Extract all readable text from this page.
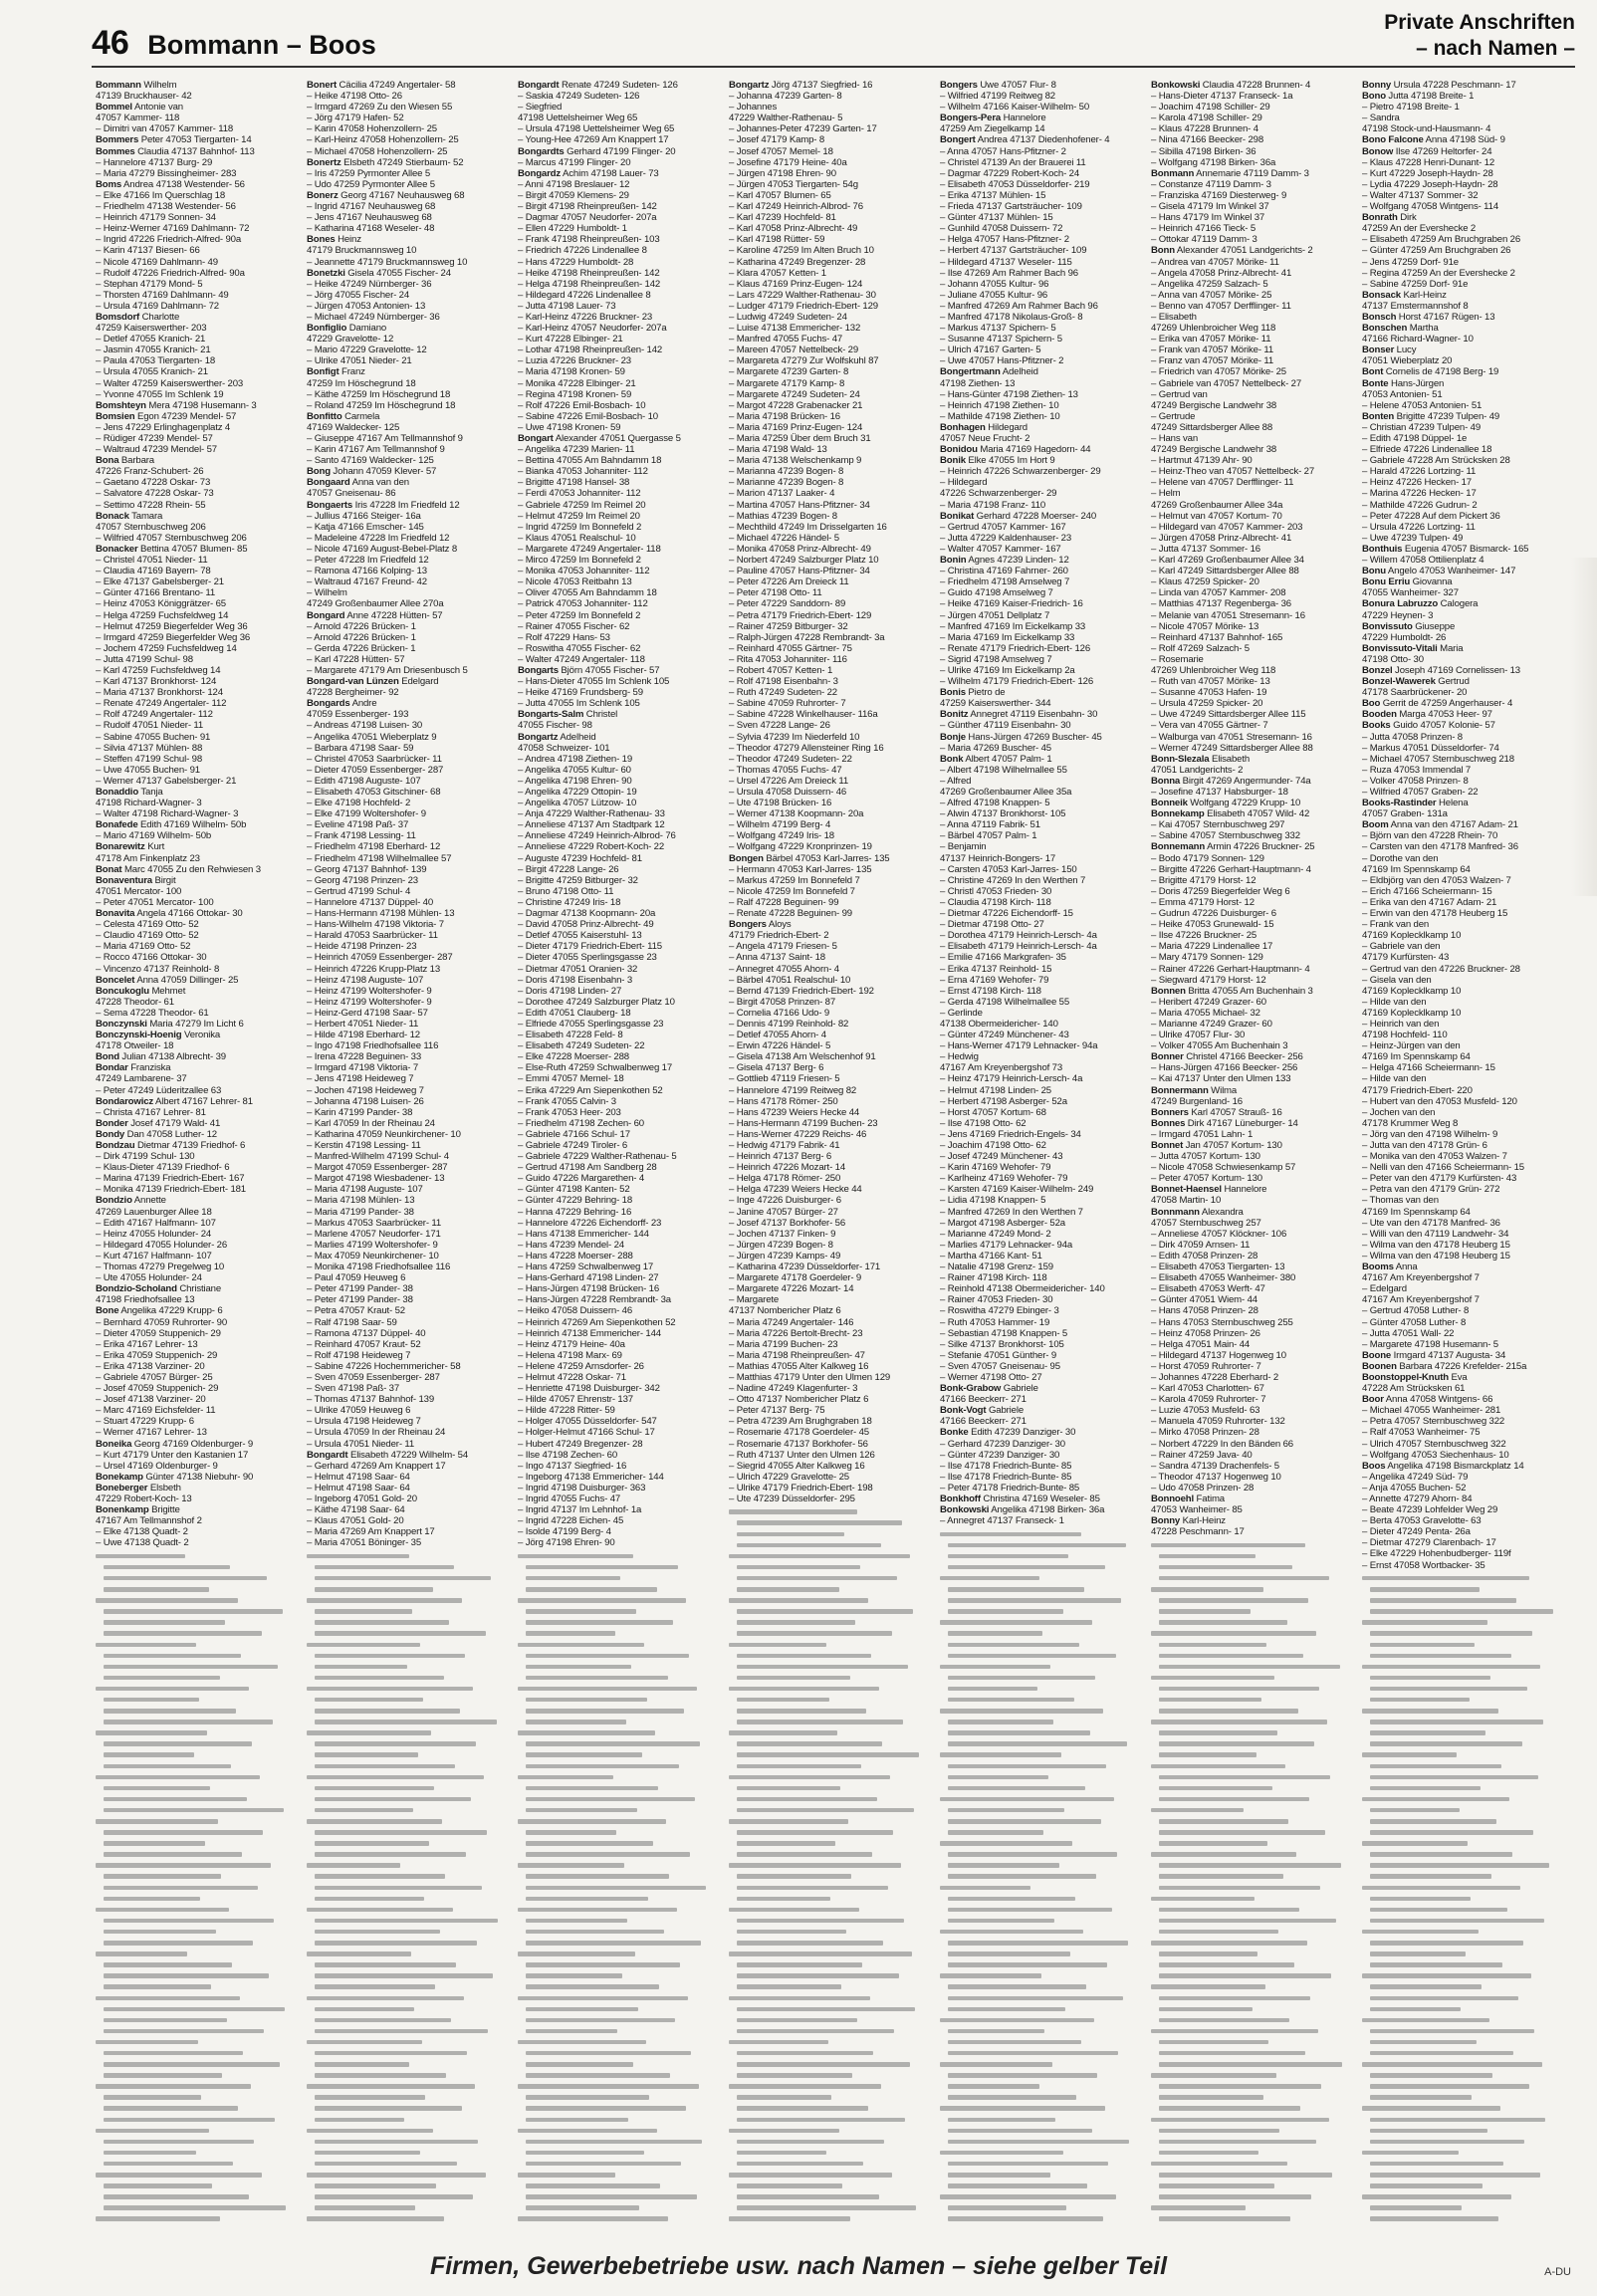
46 Bommann – Boos
Private Anschriften
– nach Namen –
Bommann Wilhelm
47139 Bruckhauser- 42
Bommel Antonie van
47057 Kammer- 118
– Dimitri van 47057 Kammer- 118
Bommers Peter 47053 Tiergarten- 14
Bommes Claudia 47137 Bahnhof- 113
– Hannelore 47137 Burg- 29
– Maria 47279 Bissingheimer- 283
Boms Andrea 47138 Westender- 56
– Elke 47166 Im Querschlag 18
– Friedhelm 47138 Westender- 56
– Heinrich 47179 Sonnen- 34
– Heinz-Werner 47169 Dahlmann- 72
– Ingrid 47226 Friedrich-Alfred- 90a
– Karin 47137 Biesen- 66
– Nicole 47169 Dahlmann- 49
– Rudolf 47226 Friedrich-Alfred- 90a
– Stephan 47179 Mond- 5
– Thorsten 47169 Dahlmann- 49
– Ursula 47169 Dahlmann- 72
Bomsdorf Charlotte
47259 Kaiserswerther- 203
– Detlef 47055 Kranich- 21
– Jasmin 47055 Kranich- 21
– Paula 47053 Tiergarten- 18
– Ursula 47055 Kranich- 21
– Walter 47259 Kaiserswerther- 203
– Yvonne 47055 Im Schlenk 19
Bomshteyn Mera 47198 Husemann- 3
Bomsien Egon 47239 Mendel- 57
– Jens 47229 Erlinghagenplatz 4
– Rüdiger 47239 Mendel- 57
– Waltraud 47239 Mendel- 57
Bona Barbara
47226 Franz-Schubert- 26
– Gaetano 47228 Oskar- 73
– Salvatore 47228 Oskar- 73
– Settimo 47228 Rhein- 55
Bonack Tamara
47057 Sternbuschweg 206
– Wilfried 47057 Sternbuschweg 206
Bonacker Bettina 47057 Blumen- 85
– Christel 47051 Nieder- 11
– Claudia 47169 Bayern- 78
– Elke 47137 Gabelsberger- 21
– Günter 47166 Brentano- 11
– Heinz 47053 Königgrätzer- 65
– Helga 47259 Fuchsfeldweg 14
– Helmut 47259 Biegerfelder Weg 36
– Irmgard 47259 Biegerfelder Weg 36
– Jochem 47259 Fuchsfeldweg 14
– Jutta 47199 Schul- 98
– Karl 47259 Fuchsfeldweg 14
– Karl 47137 Bronkhorst- 124
– Maria 47137 Bronkhorst- 124
– Renate 47249 Angertaler- 112
– Rolf 47249 Angertaler- 112
– Rudolf 47051 Nieder- 11
– Sabine 47055 Buchen- 91
– Silvia 47137 Mühlen- 88
– Steffen 47199 Schul- 98
– Uwe 47055 Buchen- 91
– Werner 47137 Gabelsberger- 21
Bonaddio Tanja
47198 Richard-Wagner- 3
– Walter 47198 Richard-Wagner- 3
Bonafede Edith 47169 Wilhelm- 50b
– Mario 47169 Wilhelm- 50b
Bonarewitz Kurt
47178 Am Finkenplatz 23
Bonat Marc 47055 Zu den Rehwiesen 3
Bonaventura Birgit
47051 Mercator- 100
– Peter 47051 Mercator- 100
Bonavita Angela 47166 Ottokar- 30
– Celesta 47169 Otto- 52
– Claudio 47169 Otto- 52
– Maria 47169 Otto- 52
– Rocco 47166 Ottokar- 30
– Vincenzo 47137 Reinhold- 8
Boncelet Anna 47059 Dillinger- 25
Boncukoglu Mehmet
47228 Theodor- 61
– Sema 47228 Theodor- 61
Bonczynski Maria 47279 Im Licht 6
Bonczynski-Hoenig Veronika
47178 Otweiler- 18
Bond Julian 47138 Albrecht- 39
Bondar Franziska
47249 Lambarene- 37
– Peter 47249 Lüderitzallee 63
Bondarowicz Albert 47167 Lehrer- 81
– Christa 47167 Lehrer- 81
Bonder Josef 47179 Wald- 41
Bondy Dan 47058 Luther- 12
Bondzau Dietmar 47139 Friedhof- 6
– Dirk 47199 Schul- 130
– Klaus-Dieter 47139 Friedhof- 6
– Marina 47139 Friedrich-Ebert- 167
– Monika 47139 Friedrich-Ebert- 181
Bondzio Annette
47269 Lauenburger Allee 18
– Edith 47167 Halfmann- 107
– Heinz 47055 Holunder- 24
– Hildegard 47055 Holunder- 26
– Kurt 47167 Halfmann- 107
– Thomas 47279 Pregelweg 10
– Ute 47055 Holunder- 24
Bondzio-Scholand Christiane
47198 Friedhofsallee 13
Bone Angelika 47229 Krupp- 6
– Bernhard 47059 Ruhrorter- 90
– Dieter 47059 Stuppenich- 29
– Erika 47167 Lehrer- 13
– Erika 47059 Stuppenich- 29
– Erika 47138 Varziner- 20
– Gabriele 47057 Bürger- 25
– Josef 47059 Stuppenich- 29
– Josef 47138 Varziner- 20
– Marc 47169 Eichsfelder- 11
– Stuart 47229 Krupp- 6
– Werner 47167 Lehrer- 13
Boneika Georg 47169 Oldenburger- 9
– Kurt 47179 Unter den Kastanien 17
– Ursel 47169 Oldenburger- 9
Bonekamp Günter 47138 Niebuhr- 90
Boneberger Elsbeth
47229 Robert-Koch- 13
Bonenkamp Brigitte
47167 Am Tellmannshof 2
– Elke 47138 Quadt- 2
– Uwe 47138 Quadt- 2
Bonert Cäcilia 47249 Angertaler- 58
– Heike 47198 Otto- 26
– Irmgard 47269 Zu den Wiesen 55
– Jörg 47179 Hafen- 52
– Karin 47058 Hohenzollern- 25
– Karl-Heinz 47058 Hohenzollern- 25
– Michael 47058 Hohenzollern- 25
Bonertz Elsbeth 47249 Stierbaum- 52
– Iris 47259 Pyrmonter Allee 5
– Udo 47259 Pyrmonter Allee 5
Bonerz Georg 47167 Neuhausweg 68
– Ingrid 47167 Neuhausweg 68
– Jens 47167 Neuhausweg 68
– Katharina 47168 Weseler- 48
Bones Heinz
47179 Bruckmannsweg 10
– Jeannette 47179 Bruckmannsweg 10
Bonetzki Gisela 47055 Fischer- 24
– Heike 47249 Nürnberger- 36
– Jörg 47055 Fischer- 24
– Jürgen 47053 Antonien- 13
– Michael 47249 Nürnberger- 36
Bonfiglio Damiano
47229 Gravelotte- 12
– Mario 47229 Gravelotte- 12
– Ulrike 47051 Nieder- 21
Bonfigt Franz
47259 Im Höschegrund 18
– Käthe 47259 Im Höschegrund 18
– Roland 47259 Im Höschegrund 18
Bonfitto Carmela
47169 Waldecker- 125
– Giuseppe 47167 Am Tellmannshof 9
– Karin 47167 Am Tellmannshof 9
– Santo 47169 Waldecker- 125
Bong Johann 47059 Klever- 57
Bongaard Anna van den
47057 Gneisenau- 86
Bongaerts Iris 47228 Im Friedfeld 12
– Jullius 47166 Steiger- 16a
– Katja 47166 Emscher- 145
– Madeleine 47228 Im Friedfeld 12
– Nicole 47169 August-Bebel-Platz 8
– Peter 47228 Im Friedfeld 12
– Ramona 47166 Kolping- 13
– Waltraud 47167 Freund- 42
– Wilhelm
47249 Großenbaumer Allee 270a
Bongard Anne 47228 Hütten- 57
– Arnold 47226 Brücken- 1
– Arnold 47226 Brücken- 1
– Gerda 47226 Brücken- 1
– Karl 47228 Hütten- 57
– Margarete 47179 Am Driesenbusch 5
Bongard-van Lünzen Edelgard
47228 Bergheimer- 92
Bongards Andre
47059 Essenberger- 193
– Andreas 47198 Luisen- 30
– Angelika 47051 Wieberplatz 9
– Barbara 47198 Saar- 59
– Christel 47053 Saarbrücker- 11
– Dieter 47059 Essenberger- 287
– Edith 47198 Auguste- 107
– Elisabeth 47053 Gitschiner- 68
– Elke 47198 Hochfeld- 2
– Elke 47199 Woltershofer- 9
– Eveline 47198 Paß- 37
– Frank 47198 Lessing- 11
– Friedhelm 47198 Eberhard- 12
– Friedhelm 47198 Wilhelmallee 57
– Georg 47137 Bahnhof- 139
– Georg 47198 Prinzen- 23
– Gertrud 47199 Schul- 4
– Hannelore 47137 Düppel- 40
– Hans-Hermann 47198 Mühlen- 13
– Hans-Wilhelm 47198 Viktoria- 7
– Harald 47053 Saarbrücker- 11
– Heide 47198 Prinzen- 23
– Heinrich 47059 Essenberger- 287
– Heinrich 47226 Krupp-Platz 13
– Heinz 47198 Auguste- 107
– Heinz 47199 Woltershofer- 9
– Heinz 47199 Woltershofer- 9
– Heinz-Gerd 47198 Saar- 57
– Herbert 47051 Nieder- 11
– Hilde 47198 Eberhard- 12
– Ingo 47198 Friedhofsallee 116
– Irena 47228 Beguinen- 33
– Irmgard 47198 Viktoria- 7
– Jens 47198 Heideweg 7
– Jochen 47198 Heideweg 7
– Johanna 47198 Luisen- 26
– Karin 47199 Pander- 38
– Karl 47059 In der Rheinau 24
– Katharina 47059 Neunkirchener- 10
– Kerstin 47198 Lessing- 11
– Manfred-Wilhelm 47199 Schul- 4
– Margot 47059 Essenberger- 287
– Margot 47198 Wiesbadener- 13
– Maria 47198 Auguste- 107
– Maria 47198 Mühlen- 13
– Maria 47199 Pander- 38
– Markus 47053 Saarbrücker- 11
– Marlene 47057 Neudorfer- 171
– Marlies 47199 Woltershofer- 9
– Max 47059 Neunkirchener- 10
– Monika 47198 Friedhofsallee 116
– Paul 47059 Heuweg 6
– Peter 47199 Pander- 38
– Peter 47199 Pander- 38
– Petra 47057 Kraut- 52
– Ralf 47198 Saar- 59
– Ramona 47137 Düppel- 40
– Reinhard 47057 Kraut- 52
– Rolf 47198 Heideweg 7
– Sabine 47226 Hochemmericher- 58
– Sven 47059 Essenberger- 287
– Sven 47198 Paß- 37
– Thomas 47137 Bahnhof- 139
– Ulrike 47059 Heuweg 6
– Ursula 47198 Heideweg 7
– Ursula 47059 In der Rheinau 24
– Ursula 47051 Nieder- 11
Bongardt Elisabeth 47229 Wilhelm- 54
– Gerhard 47269 Am Knappert 17
– Helmut 47198 Saar- 64
– Helmut 47198 Saar- 64
– Ingeborg 47051 Gold- 20
– Käthe 47198 Saar- 64
– Klaus 47051 Gold- 20
– Maria 47269 Am Knappert 17
– Maria 47051 Böninger- 35
Bongardt Renate 47249 Sudeten- 126
– Saskia 47249 Sudeten- 126
– Siegfried
47198 Uettelsheimer Weg 65
– Ursula 47198 Uettelsheimer Weg 65
– Young-Hee 47269 Am Knappert 17
Bongardts Gerhard 47199 Flinger- 20
– Marcus 47199 Flinger- 20
Bongardz Achim 47198 Lauer- 73
– Anni 47198 Breslauer- 12
– Birgit 47059 Klemens- 29
– Birgit 47198 Rheinpreußen- 142
– Dagmar 47057 Neudorfer- 207a
– Ellen 47229 Humboldt- 1
– Frank 47198 Rheinpreußen- 103
– Friedrich 47226 Lindenallee 8
– Hans 47229 Humboldt- 28
– Heike 47198 Rheinpreußen- 142
– Helga 47198 Rheinpreußen- 142
– Hildegard 47226 Lindenallee 8
– Jutta 47198 Lauer- 73
– Karl-Heinz 47226 Bruckner- 23
– Karl-Heinz 47057 Neudorfer- 207a
– Kurt 47228 Elbinger- 21
– Lothar 47198 Rheinpreußen- 142
– Luzia 47226 Bruckner- 23
– Maria 47198 Kronen- 59
– Monika 47228 Elbinger- 21
– Regina 47198 Kronen- 59
– Rolf 47226 Emil-Bosbach- 10
– Sabine 47226 Emil-Bosbach- 10
– Uwe 47198 Kronen- 59
Bongart Alexander 47051 Quergasse 5
– Angelika 47239 Marien- 11
– Bettina 47055 Am Bahndamm 18
– Bianka 47053 Johanniter- 112
– Brigitte 47198 Hansel- 38
– Ferdi 47053 Johanniter- 112
– Gabriele 47259 Im Reimel 20
– Helmut 47259 Im Reimel 20
– Ingrid 47259 Im Bonnefeld 2
– Klaus 47051 Realschul- 10
– Margarete 47249 Angertaler- 118
– Mirco 47259 Im Bonnefeld 2
– Monika 47053 Johanniter- 112
– Nicole 47053 Reitbahn 13
– Oliver 47055 Am Bahndamm 18
– Patrick 47053 Johanniter- 112
– Peter 47259 Im Bonnefeld 2
– Rainer 47055 Fischer- 62
– Rolf 47229 Hans- 53
– Roswitha 47055 Fischer- 62
– Walter 47249 Angertaler- 118
Bongarts Björn 47055 Fischer- 57
– Hans-Dieter 47055 Im Schlenk 105
– Heike 47169 Frundsberg- 59
– Jutta 47055 Im Schlenk 105
Bongarts-Salm Christel
47055 Fischer- 98
Bongartz Adelheid
47058 Schweizer- 101
– Andrea 47198 Ziethen- 19
– Angelika 47055 Kultur- 60
– Angelika 47198 Ehren- 90
– Angelika 47229 Ottopin- 19
– Angelika 47057 Lützow- 10
– Anja 47229 Walther-Rathenau- 33
– Anneliese 47137 Am Stadtpark 12
– Anneliese 47249 Heinrich-Albrod- 76
– Anneliese 47229 Robert-Koch- 22
– Auguste 47239 Hochfeld- 81
– Birgit 47228 Lange- 26
– Brigitte 47259 Bitburger- 32
– Bruno 47198 Otto- 11
– Christine 47249 Iris- 18
– Dagmar 47138 Koopmann- 20a
– David 47058 Prinz-Albrecht- 49
– Detlef 47055 Kaiserstuhl- 13
– Dieter 47179 Friedrich-Ebert- 115
– Dieter 47055 Sperlingsgasse 23
– Dietmar 47051 Oranien- 32
– Doris 47198 Eisenbahn- 3
– Doris 47198 Linden- 27
– Dorothee 47249 Salzburger Platz 10
– Edith 47051 Clauberg- 18
– Elfriede 47055 Sperlingsgasse 23
– Elisabeth 47228 Feld- 8
– Elisabeth 47249 Sudeten- 22
– Elke 47228 Moerser- 288
– Else-Ruth 47259 Schwalbenweg 17
– Emmi 47057 Memel- 18
– Erika 47229 Am Siepenkothen 52
– Frank 47055 Calvin- 3
– Frank 47053 Heer- 203
– Friedhelm 47198 Zechen- 60
– Gabriele 47166 Schul- 17
– Gabriele 47249 Tiroler- 6
– Gabriele 47229 Walther-Rathenau- 5
– Gertrud 47198 Am Sandberg 28
– Guido 47226 Margarethen- 4
– Günter 47198 Kanten- 52
– Günter 47229 Behring- 18
– Hanna 47229 Behring- 16
– Hannelore 47226 Eichendorff- 23
– Hans 47138 Emmericher- 144
– Hans 47239 Mendel- 24
– Hans 47228 Moerser- 288
– Hans 47259 Schwalbenweg 17
– Hans-Gerhard 47198 Linden- 27
– Hans-Jürgen 47198 Brücken- 16
– Hans-Jürgen 47228 Rembrandt- 3a
– Heiko 47058 Duissern- 46
– Heinrich 47269 Am Siepenkothen 52
– Heinrich 47138 Emmericher- 144
– Heinz 47179 Heine- 40a
– Helena 47198 Marx- 69
– Helene 47259 Arnsdorfer- 26
– Helmut 47228 Oskar- 71
– Henriette 47198 Duisburger- 342
– Hilde 47057 Ehrenstr- 137
– Hilde 47228 Ritter- 59
– Holger 47055 Düsseldorfer- 547
– Holger-Helmut 47166 Schul- 17
– Hubert 47249 Bregenzer- 28
– Ilse 47198 Zechen- 60
– Ingo 47137 Siegfried- 16
– Ingeborg 47138 Emmericher- 144
– Ingrid 47198 Duisburger- 363
– Ingrid 47055 Fuchs- 47
– Ingrid 47137 Im Lehnhof- 1a
– Ingrid 47228 Eichen- 45
– Isolde 47199 Berg- 4
– Jörg 47198 Ehren- 90
Bongartz Jörg 47137 Siegfried- 16
– Johanna 47239 Garten- 8
– Johannes
47229 Walther-Rathenau- 5
– Johannes-Peter 47239 Garten- 17
– Josef 47179 Kamp- 8
– Josef 47057 Memel- 18
– Josefine 47179 Heine- 40a
– Jürgen 47198 Ehren- 90
– Jürgen 47053 Tiergarten- 54g
– Karl 47057 Blumen- 65
– Karl 47249 Heinrich-Albrod- 76
– Karl 47239 Hochfeld- 81
– Karl 47058 Prinz-Albrecht- 49
– Karl 47198 Rütter- 59
– Karoline 47259 Im Alten Bruch 10
– Katharina 47249 Bregenzer- 28
– Klara 47057 Ketten- 1
– Klaus 47169 Prinz-Eugen- 124
– Lars 47229 Walther-Rathenau- 30
– Ludger 47179 Friedrich-Ebert- 129
– Ludwig 47249 Sudeten- 24
– Luise 47138 Emmericher- 132
– Manfred 47055 Fuchs- 47
– Mareen 47057 Nettelbeck- 29
– Margareta 47279 Zur Wolfskuhl 87
– Margarete 47239 Garten- 8
– Margarete 47179 Kamp- 8
– Margarete 47249 Sudeten- 24
– Margot 47228 Grabenacker 21
– Maria 47198 Brücken- 16
– Maria 47169 Prinz-Eugen- 124
– Maria 47259 Über dem Bruch 31
– Maria 47198 Wald- 13
– Maria 47138 Welschenkamp 9
– Marianna 47239 Bogen- 8
– Marianne 47239 Bogen- 8
– Marion 47137 Laaker- 4
– Martina 47057 Hans-Pfitzner- 34
– Mathias 47239 Bogen- 8
– Mechthild 47249 Im Drisselgarten 16
– Michael 47226 Händel- 5
– Monika 47058 Prinz-Albrecht- 49
– Norbert 47249 Salzburger Platz 10
– Pauline 47057 Hans-Pfitzner- 34
– Peter 47226 Am Dreieck 11
– Peter 47198 Otto- 11
– Peter 47229 Sanddorn- 89
– Petra 47179 Friedrich-Ebert- 129
– Rainer 47259 Bitburger- 32
– Ralph-Jürgen 47228 Rembrandt- 3a
– Reinhard 47055 Gärtner- 75
– Rita 47053 Johanniter- 116
– Robert 47057 Ketten- 1
– Rolf 47198 Eisenbahn- 3
– Ruth 47249 Sudeten- 22
– Sabine 47059 Ruhrorter- 7
– Sabine 47228 Winkelhauser- 116a
– Sven 47228 Lange- 26
– Sylvia 47239 Im Niederfeld 10
– Theodor 47279 Allensteiner Ring 16
– Theodor 47249 Sudeten- 22
– Thomas 47055 Fuchs- 47
– Ursel 47226 Am Dreieck 11
– Ursula 47058 Duissern- 46
– Ute 47198 Brücken- 16
– Werner 47138 Koopmann- 20a
– Wilhelm 47199 Berg- 4
– Wolfgang 47249 Iris- 18
– Wolfgang 47229 Kronprinzen- 19
Bongen Bärbel 47053 Karl-Jarres- 135
– Hermann 47053 Karl-Jarres- 135
– Markus 47259 Im Bonnefeld 7
– Nicole 47259 Im Bonnefeld 7
– Ralf 47228 Beguinen- 99
– Renate 47228 Beguinen- 99
Bongers Aloys
47179 Friedrich-Ebert- 2
– Angela 47179 Friesen- 5
– Anna 47137 Saint- 18
– Annegret 47055 Ahorn- 4
– Bärbel 47051 Realschul- 10
– Bernd 47139 Friedrich-Ebert- 192
– Birgit 47058 Prinzen- 87
– Cornelia 47166 Udo- 9
– Dennis 47199 Reinhold- 82
– Detlef 47055 Ahorn- 4
– Erwin 47226 Händel- 5
– Gisela 47138 Am Welschenhof 91
– Gisela 47137 Berg- 6
– Gottlieb 47119 Friesen- 5
– Hannelore 47199 Reitweg 82
– Hans 47178 Römer- 250
– Hans 47239 Weiers Hecke 44
– Hans-Hermann 47199 Buchen- 23
– Hans-Werner 47229 Reichs- 46
– Hedwig 47179 Fabrik- 41
– Heinrich 47137 Berg- 6
– Heinrich 47226 Mozart- 14
– Helga 47178 Römer- 250
– Helga 47239 Weiers Hecke 44
– Inge 47226 Duisburger- 6
– Janine 47057 Bürger- 27
– Josef 47137 Borkhofer- 56
– Jochen 47137 Finken- 9
– Jürgen 47239 Bogen- 8
– Jürgen 47239 Kamps- 49
– Katharina 47239 Düsseldorfer- 171
– Margarete 47178 Goerdeler- 9
– Margarete 47226 Mozart- 14
– Margarete
47137 Nombericher Platz 6
– Maria 47249 Angertaler- 146
– Maria 47226 Bertolt-Brecht- 23
– Maria 47199 Buchen- 23
– Maria 47198 Rheinpreußen- 47
– Mathias 47055 Alter Kalkweg 16
– Matthias 47179 Unter den Ulmen 129
– Nadine 47249 Klagenfurter- 3
– Otto 47137 Nombericher Platz 6
– Peter 47137 Berg- 75
– Petra 47239 Am Brughgraben 18
– Rosemarie 47178 Goerdeler- 45
– Rosemarie 47137 Borkhofer- 56
– Ruth 47137 Unter den Ulmen 126
– Siegrid 47055 Alter Kalkweg 16
– Ulrich 47229 Gravelotte- 25
– Ulrike 47179 Friedrich-Ebert- 198
– Ute 47239 Düsseldorfer- 295
Bongers Uwe 47057 Flur- 8
– Wilfried 47199 Reitweg 82
– Wilhelm 47166 Kaiser-Wilhelm- 50
Bongers-Pera Hannelore
47259 Am Ziegelkamp 14
Bongert Andrea 47137 Diedenhofener- 4
– Anna 47057 Hans-Pfitzner- 2
– Christel 47139 An der Brauerei 11
– Dagmar 47229 Robert-Koch- 24
– Elisabeth 47053 Düsseldorfer- 219
– Erika 47137 Mühlen- 15
– Frieda 47137 Gartsträucher- 109
– Günter 47137 Mühlen- 15
– Gunhild 47058 Duissern- 72
– Helga 47057 Hans-Pfitzner- 2
– Herbert 47137 Gartsträucher- 109
– Hildegard 47137 Weseler- 115
– Ilse 47269 Am Rahmer Bach 96
– Johann 47055 Kultur- 96
– Juliane 47055 Kultur- 96
– Manfred 47269 Am Rahmer Bach 96
– Manfred 47178 Nikolaus-Groß- 8
– Markus 47137 Spichern- 5
– Susanne 47137 Spichern- 5
– Ulrich 47167 Garten- 5
– Uwe 47057 Hans-Pfitzner- 2
Bongertmann Adelheid
47198 Ziethen- 13
– Hans-Günter 47198 Ziethen- 13
– Heinrich 47198 Ziethen- 10
– Mathilde 47198 Ziethen- 10
Bonhagen Hildegard
47057 Neue Frucht- 2
Bonidou Maria 47169 Hagedorn- 44
Bonik Elke 47055 Im Hort 9
– Heinrich 47226 Schwarzenberger- 29
– Hildegard
47226 Schwarzenberger- 29
– Maria 47198 Franz- 110
Bonikat Gerhard 47228 Moerser- 240
– Gertrud 47057 Kammer- 167
– Jutta 47229 Kaldenhauser- 23
– Walter 47057 Kammer- 167
Bonin Agnes 47239 Linden- 12
– Christina 47169 Fahrner- 260
– Friedhelm 47198 Amselweg 7
– Guido 47198 Amselweg 7
– Heike 47169 Kaiser-Friedrich- 16
– Jürgen 47051 Dellplatz 7
– Manfred 47169 Im Eickelkamp 33
– Maria 47169 Im Eickelkamp 33
– Renate 47179 Friedrich-Ebert- 126
– Sigrid 47198 Amselweg 7
– Ulrike 47169 Im Eickelkamp 2a
– Wilhelm 47179 Friedrich-Ebert- 126
Bonis Pietro de
47259 Kaiserswerther- 344
Bonitz Annegret 47119 Eisenbahn- 30
– Günther 47119 Eisenbahn- 30
Bonje Hans-Jürgen 47269 Buscher- 45
– Maria 47269 Buscher- 45
Bonk Albert 47057 Palm- 1
– Albert 47198 Wilhelmallee 55
– Alfred
47269 Großenbaumer Allee 35a
– Alfred 47198 Knappen- 5
– Alwin 47137 Bronkhorst- 105
– Anna 47119 Fabrik- 51
– Bärbel 47057 Palm- 1
– Benjamin
47137 Heinrich-Bongers- 17
– Carsten 47053 Karl-Jarres- 150
– Christine 47269 In den Werthen 7
– Christl 47053 Frieden- 30
– Claudia 47198 Kirch- 118
– Dietmar 47226 Eichendorff- 15
– Dietmar 47198 Otto- 27
– Dorothea 47179 Heinrich-Lersch- 4a
– Elisabeth 47179 Heinrich-Lersch- 4a
– Emilie 47166 Markgrafen- 35
– Erika 47137 Reinhold- 15
– Erna 47169 Wehofer- 79
– Ernst 47198 Kirch- 118
– Gerda 47198 Wilhelmallee 55
– Gerlinde
47138 Obermeidericher- 140
– Günter 47249 Münchener- 43
– Hans-Werner 47179 Lehnacker- 94a
– Hedwig
47167 Am Kreyenbergshof 73
– Heinz 47179 Heinrich-Lersch- 4a
– Helmut 47198 Linden- 25
– Herbert 47198 Asberger- 52a
– Horst 47057 Kortum- 68
– Ilse 47198 Otto- 62
– Jens 47169 Friedrich-Engels- 34
– Joachim 47198 Otto- 62
– Josef 47249 Münchener- 43
– Karin 47169 Wehofer- 79
– Karlheinz 47169 Wehofer- 79
– Karsten 47169 Kaiser-Wilhelm- 249
– Lidia 47198 Knappen- 5
– Manfred 47269 In den Werthen 7
– Margot 47198 Asberger- 52a
– Marianne 47249 Mond- 2
– Marlies 47179 Lehnacker- 94a
– Martha 47166 Kant- 51
– Natalie 47198 Grenz- 159
– Rainer 47198 Kirch- 118
– Reinhold 47138 Obermeidericher- 140
– Rainer 47053 Frieden- 30
– Roswitha 47279 Ebinger- 3
– Ruth 47053 Hammer- 19
– Sebastian 47198 Knappen- 5
– Silke 47137 Bronkhorst- 105
– Stefanie 47051 Günther- 9
– Sven 47057 Gneisenau- 95
– Werner 47198 Otto- 27
Bonk-Grabow Gabriele
47166 Beeckerr- 271
Bonk-Vogt Gabriele
47166 Beeckerr- 271
Bonke Edith 47239 Danziger- 30
– Gerhard 47239 Danziger- 30
– Günter 47239 Danziger- 30
– Ilse 47178 Friedrich-Bunte- 85
– Ilse 47178 Friedrich-Bunte- 85
– Peter 47178 Friedrich-Bunte- 85
Bonkhoff Christina 47169 Weseler- 85
Bonkowski Angelika 47198 Birken- 36a
– Annegret 47137 Franseck- 1
Bonkowski Claudia 47228 Brunnen- 4
– Hans-Dieter 47137 Franseck- 1a
– Joachim 47198 Schiller- 29
– Karola 47198 Schiller- 29
– Klaus 47228 Brunnen- 4
– Nina 47166 Beecker- 298
– Sibilla 47198 Birken- 36
– Wolfgang 47198 Birken- 36a
Bonmann Annemarie 47119 Damm- 3
– Constanze 47119 Damm- 3
– Franziska 47169 Diesterweg- 9
– Gisela 47179 Im Winkel 37
– Hans 47179 Im Winkel 37
– Heinrich 47166 Tieck- 5
– Ottokar 47119 Damm- 3
Bonn Alexander 47051 Landgerichts- 2
– Andrea van 47057 Mörike- 11
– Angela 47058 Prinz-Albrecht- 41
– Angelika 47259 Salzach- 5
– Anna van 47057 Mörike- 25
– Benno van 47057 Derfflinger- 11
– Elisabeth
47269 Uhlenbroicher Weg 118
– Erika van 47057 Mörike- 11
– Frank van 47057 Mörike- 11
– Franz van 47057 Mörike- 11
– Friedrich van 47057 Mörike- 25
– Gabriele van 47057 Nettelbeck- 27
– Gertrud van
47249 Bergische Landwehr 38
– Gertrude
47249 Sittardsberger Allee 88
– Hans van
47249 Bergische Landwehr 38
– Hartmut 47139 Ahr- 90
– Heinz-Theo van 47057 Nettelbeck- 27
– Helene van 47057 Derfflinger- 11
– Helm
47269 Großenbaumer Allee 34a
– Helmut van 47057 Kortum- 70
– Hildegard van 47057 Kammer- 203
– Jürgen 47058 Prinz-Albrecht- 41
– Jutta 47137 Sommer- 16
– Karl 47269 Großenbaumer Allee 34
– Karl 47249 Sittardsberger Allee 88
– Klaus 47259 Spicker- 20
– Linda van 47057 Kammer- 208
– Matthias 47137 Regenberga- 36
– Melanie van 47051 Stresemann- 16
– Nicole 47057 Mörike- 13
– Reinhard 47137 Bahnhof- 165
– Rolf 47269 Salzach- 5
– Rosemarie
47269 Uhlenbroicher Weg 118
– Ruth van 47057 Mörike- 13
– Susanne 47053 Hafen- 19
– Ursula 47259 Spicker- 20
– Uwe 47249 Sittardsberger Allee 115
– Vera van 47055 Gärtner- 7
– Walburga van 47051 Stresemann- 16
– Werner 47249 Sittardsberger Allee 88
Bonn-Slezala Elisabeth
47051 Landgerichts- 2
Bonna Birgit 47269 Angermunder- 74a
– Josefine 47137 Habsburger- 18
Bonneik Wolfgang 47229 Krupp- 10
Bonnekamp Elisabeth 47057 Wild- 42
– Kai 47057 Sternbuschweg 297
– Sabine 47057 Sternbuschweg 332
Bonnemann Armin 47226 Bruckner- 25
– Bodo 47179 Sonnen- 129
– Birgitte 47226 Gerhart-Hauptmann- 4
– Brigitte 47179 Horst- 12
– Doris 47259 Biegerfelder Weg 6
– Emma 47179 Horst- 12
– Gudrun 47226 Duisburger- 6
– Heike 47053 Grunewald- 15
– Ilse 47226 Bruckner- 25
– Maria 47229 Lindenallee 17
– Mary 47179 Sonnen- 129
– Rainer 47226 Gerhart-Hauptmann- 4
– Siegward 47179 Horst- 12
Bonnen Britta 47055 Am Buchenhain 3
– Heribert 47249 Grazer- 60
– Maria 47055 Michael- 32
– Marianne 47249 Grazer- 60
– Ulrike 47057 Flur- 30
– Volker 47055 Am Buchenhain 3
Bonner Christel 47166 Beecker- 256
– Hans-Jürgen 47166 Beecker- 256
– Kai 47137 Unter den Ulmen 133
Bonnermann Wilma
47249 Burgenland- 16
Bonners Karl 47057 Strauß- 16
Bonnes Dirk 47167 Lüneburger- 14
– Irmgard 47051 Lahn- 1
Bonnet Jan 47057 Kortum- 130
– Jutta 47057 Kortum- 130
– Nicole 47058 Schwiesenkamp 57
– Peter 47057 Kortum- 130
Bonnet-Haensel Hannelore
47058 Martin- 10
Bonnmann Alexandra
47057 Sternbuschweg 257
– Anneliese 47057 Klöckner- 106
– Dirk 47059 Arnsen- 11
– Edith 47058 Prinzen- 28
– Elisabeth 47053 Tiergarten- 13
– Elisabeth 47055 Wanheimer- 380
– Elisabeth 47053 Werft- 47
– Günter 47051 Wiem- 44
– Hans 47058 Prinzen- 28
– Hans 47053 Sternbuschweg 255
– Heinz 47058 Prinzen- 26
– Helga 47051 Main- 44
– Hildegard 47137 Hogenweg 10
– Horst 47059 Ruhrorter- 7
– Johannes 47228 Eberhard- 2
– Karl 47053 Charlotten- 67
– Karola 47059 Ruhrorter- 7
– Luzie 47053 Musfeld- 63
– Manuela 47059 Ruhrorter- 132
– Mirko 47058 Prinzen- 28
– Norbert 47229 In den Bänden 66
– Rainer 47259 Java- 40
– Sandra 47139 Drachenfels- 5
– Theodor 47137 Hogenweg 10
– Udo 47058 Prinzen- 28
Bonnoehl Fatima
47053 Wanheimer- 85
Bonny Karl-Heinz
47228 Peschmann- 17
Bonny Ursula 47228 Peschmann- 17
Bono Jutta 47198 Breite- 1
– Pietro 47198 Breite- 1
– Sandra
47198 Stock-und-Hausmann- 4
Bono Falcone Anna 47198 Süd- 9
Bonow Ilse 47269 Heltorfer- 24
– Klaus 47228 Henri-Dunant- 12
– Kurt 47229 Joseph-Haydn- 28
– Lydia 47229 Joseph-Haydn- 28
– Walter 47137 Sommer- 32
– Wolfgang 47058 Wintgens- 114
Bonrath Dirk
47259 An der Eversheckе 2
– Elisabeth 47259 Am Bruchgraben 26
– Günter 47259 Am Bruchgraben 26
– Jens 47259 Dorf- 91e
– Regina 47259 An der Eversheckе 2
– Sabine 47259 Dorf- 91e
Bonsack Karl-Heinz
47137 Emstermannshof 8
Bonsch Horst 47167 Rügen- 13
Bonschen Martha
47166 Richard-Wagner- 10
Bonser Lucy
47051 Wieberplatz 20
Bont Cornelis de 47198 Berg- 19
Bonte Hans-Jürgen
47053 Antonien- 51
– Helene 47053 Antonien- 51
Bonten Brigitte 47239 Tulpen- 49
– Christian 47239 Tulpen- 49
– Edith 47198 Düppel- 1e
– Elfriede 47226 Lindenallee 18
– Gabriele 47228 Am Strückskеn 28
– Harald 47226 Lortzing- 11
– Heinz 47226 Hecken- 17
– Marina 47226 Hecken- 17
– Mathilde 47226 Gudrun- 2
– Peter 47228 Auf dem Pickert 36
– Ursula 47226 Lortzing- 11
– Uwe 47239 Tulpen- 49
Bonthuis Eugenia 47057 Bismarck- 165
– Willem 47058 Ottilienplatz 4
Bonu Angelo 47053 Wanheimer- 147
Bonu Erriu Giovanna
47055 Wanheimer- 327
Bonura Labruzzo Calogera
47229 Heynen- 3
Bonvissuto Giuseppe
47229 Humboldt- 26
Bonvissuto-Vitali Maria
47198 Otto- 30
Bonzel Joseph 47169 Cornelissen- 13
Bonzel-Wawerek Gertrud
47178 Saarbrückener- 20
Boo Gerrit de 47259 Angerhauser- 4
Booden Marga 47053 Heer- 97
Books Guido 47057 Kolonie- 57
– Jutta 47058 Prinzen- 8
– Markus 47051 Düsseldorfer- 74
– Michael 47057 Sternbuschweg 218
– Ruza 47053 Immendal 7
– Volker 47058 Prinzen- 8
– Wilfried 47057 Graben- 22
Books-Rastinder Helena
47057 Graben- 131a
Boom Anna van den 47167 Adam- 21
– Björn van den 47228 Rhein- 70
– Carsten van den 47178 Manfred- 36
– Dorothe van den
47169 Im Spennskamp 64
– Eldbjörg van den 47053 Walzen- 7
– Erich 47166 Scheiermann- 15
– Erika van den 47167 Adam- 21
– Erwin van den 47178 Heuberg 15
– Frank van den
47169 Koplecklkamp 10
– Gabriele van den
47179 Kurfürsten- 43
– Gertrud van den 47226 Bruckner- 28
– Gisela van den
47169 Koplecklkamp 10
– Hilde van den
47169 Koplecklkamp 10
– Heinrich van den
47198 Hochfeld- 110
– Heinz-Jürgen van den
47169 Im Spennskamp 64
– Helga 47166 Scheiermann- 15
– Hilde van den
47179 Friedrich-Ebert- 220
– Hubert van den 47053 Musfeld- 120
– Jochen van den
47178 Krummer Weg 8
– Jörg van den 47198 Wilhelm- 9
– Jutta van den 47178 Grün- 6
– Monika van den 47053 Walzen- 7
– Nelli van den 47166 Scheiermann- 15
– Peter van den 47179 Kurfürsten- 43
– Petra van den 47179 Grün- 272
– Thomas van den
47169 Im Spennskamp 64
– Ute van den 47178 Manfred- 36
– Willi van den 47119 Landwehr- 34
– Wilma van den 47178 Heuberg 15
– Wilma van den 47198 Heuberg 15
Booms Anna
47167 Am Kreyenbergshof 7
– Edelgard
47167 Am Kreyenbergshof 7
– Gertrud 47058 Luther- 8
– Günter 47058 Luther- 8
– Jutta 47051 Wall- 22
– Margarete 47198 Husemann- 5
Boone Irmgard 47137 Augusta- 34
Boonen Barbara 47226 Krefelder- 215a
Boonstoppel-Knuth Eva
47228 Am Strückskеn 61
Boor Anna 47058 Wintgens- 66
– Michael 47055 Wanheimer- 281
– Petra 47057 Sternbuschweg 322
– Ralf 47053 Wanheimer- 75
– Ulrich 47057 Sternbuschweg 322
– Wolfgang 47053 Siechenhaus- 10
Boos Angelika 47198 Bismarckplatz 14
– Angelika 47249 Süd- 79
– Anja 47055 Buchen- 52
– Annette 47279 Ahorn- 84
– Beate 47239 Lohfelder Weg 29
– Berta 47053 Gravelotte- 63
– Dieter 47249 Penta- 26a
– Dietmar 47279 Clarenbach- 17
– Elke 47229 Hohenbudberger- 119f
– Ernst 47058 Wortbacker- 35
Firmen, Gewerbebetriebe usw. nach Namen – siehe gelber Teil	A-DU
